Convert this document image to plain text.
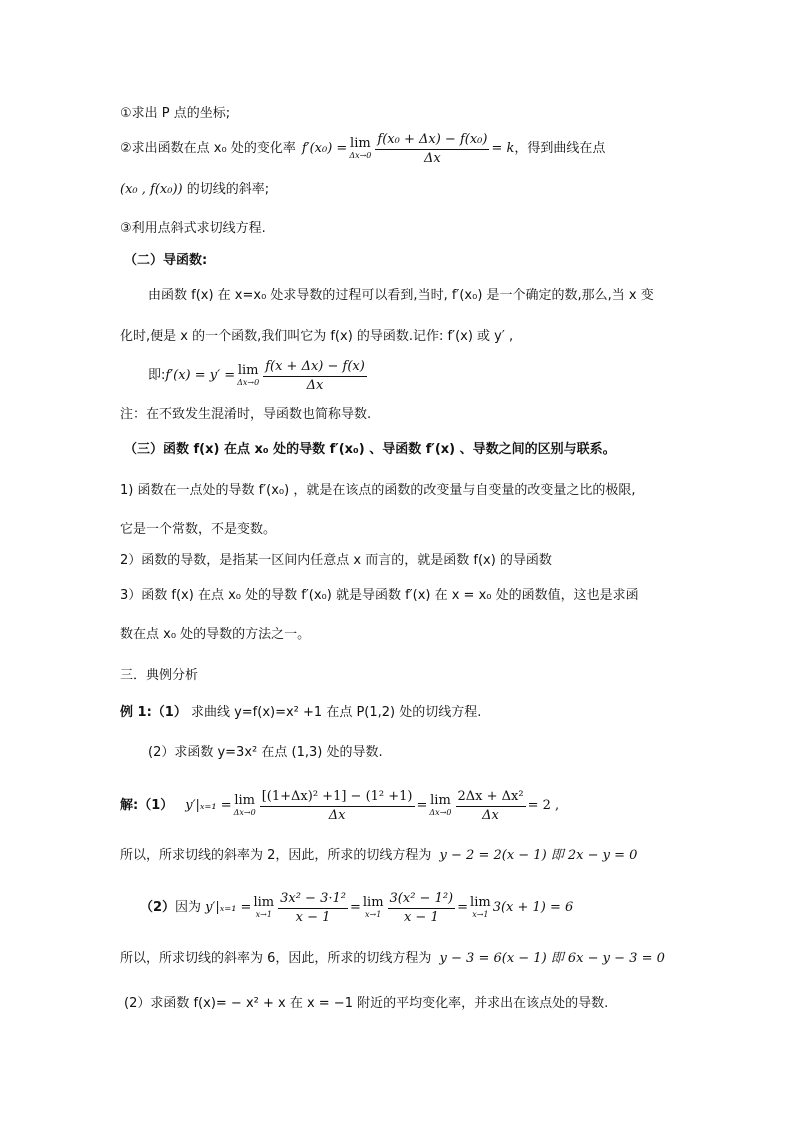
①求出 P 点的坐标;
②求出函数在点 x₀ 处的变化率 f′(x₀) = lim
$\Delta x\to 0 \frac{\text{f(x₀ + Δx) − f(x₀)}}{\Delta x} = k$ ，得到曲线在点
(x₀ , f(x₀)) 的切线的斜率;
③利用点斜式求切线方程.
（二）导函数:
由函数 f(x) 在 x=x₀ 处求导数的过程可以看到,当时, f′(x₀) 是一个确定的数,那么,当 x 变
化时,便是 x 的一个函数,我们叫它为 f(x) 的导函数.记作: f′(x) 或 y′ ,
即: f′(x) = y′ = lim
$\Delta x\to 0 \frac{f(x + \Delta x) - f(x)}{\Delta x}$
注：在不致发生混淆时，导函数也简称导数.
（三）函数 f(x) 在点 x₀ 处的导数 f′(x₀) 、导函数 f′(x) 、导数之间的区别与联系。
1) 函数在一点处的导数 f′(x₀) ，就是在该点的函数的改变量与自变量的改变量之比的极限,
它是一个常数，不是变数。
2）函数的导数，是指某一区间内任意点 x 而言的，就是函数 f(x) 的导函数
3）函数 f(x) 在点 x₀ 处的导数 f′(x₀) 就是导函数 f′(x) 在 x = x₀ 处的函数值，这也是求函
数在点 x₀ 处的导数的方法之一。
三．典例分析
例 1:（1） 求曲线 y=f(x)=x² +1 在点 P(1,2) 处的切线方程.
(2）求函数 y=3x² 在点 (1,3) 处的导数.
解:（1） y′|ₓ₌₁ = lim
$\Delta x\to 0 \frac{\text{[(1+Δx)² +1] − (1² +1)}}{\Delta x} = \lim$
$\Delta x\to 0 \frac{\text{2Δx + Δx²}}{\Delta x} = 2$ ,
所以，所求切线的斜率为 2，因此，所求的切线方程为 y − 2 = 2(x − 1) 即 2x − y = 0
（2） 因为 y′|ₓ₌₁ = lim
$x\to 1 \frac{\text{3x² − 3·1²}}{x - 1} = \lim$
$x\to 1 \frac{\text{3(x² − 1²)}}{x - 1} = \lim$
x→1 3(x + 1) = 6
所以，所求切线的斜率为 6，因此，所求的切线方程为 y − 3 = 6(x − 1) 即 6x − y − 3 = 0
(2）求函数 f(x)= − x² + x 在 x = −1 附近的平均变化率，并求出在该点处的导数.
